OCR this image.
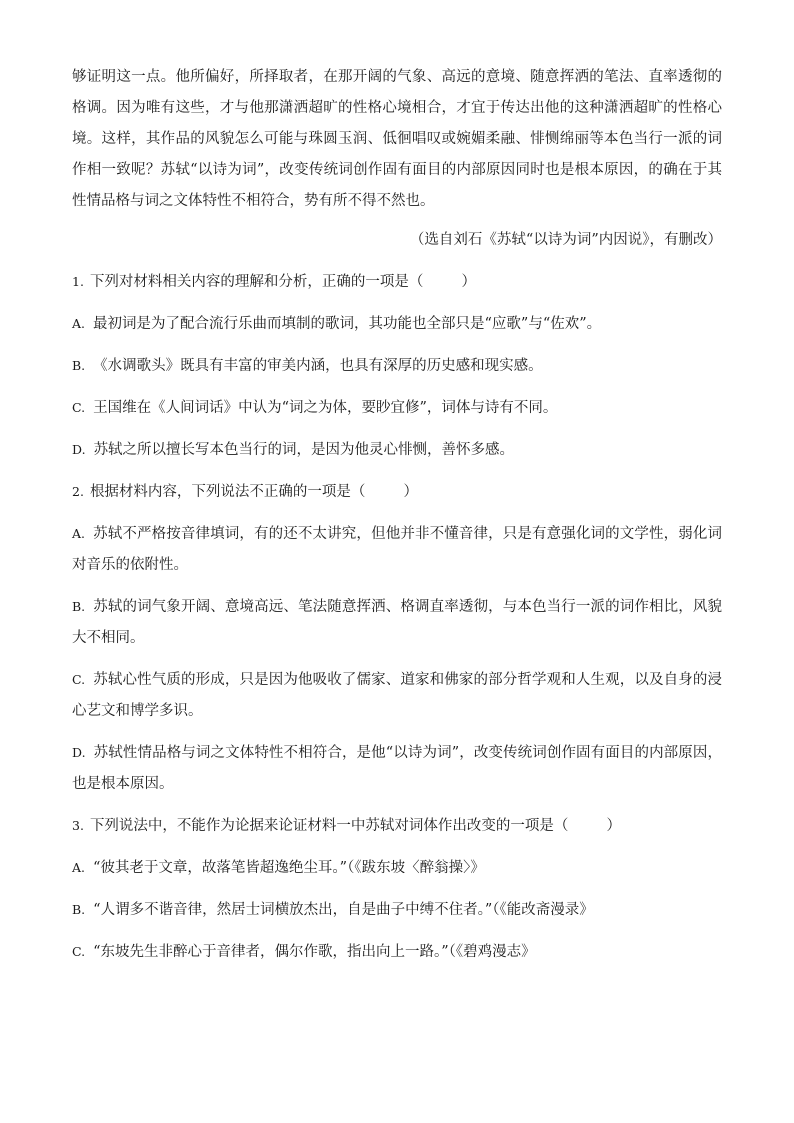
够证明这一点。他所偏好，所择取者，在那开阔的气象、高远的意境、随意挥洒的笔法、直率透彻的格调。因为唯有这些，才与他那潇洒超旷的性格心境相合，才宜于传达出他的这种潇洒超旷的性格心境。这样，其作品的风貌怎么可能与珠圆玉润、低徊唱叹或婉媚柔融、悱恻绵丽等本色当行一派的词作相一致呢？苏轼“以诗为词”，改变传统词创作固有面目的内部原因同时也是根本原因，的确在于其性情品格与词之文体特性不相符合，势有所不得不然也。

（选自刘石《苏轼“以诗为词”内因说》，有删改）

1. 下列对材料相关内容的理解和分析，正确的一项是（	）

A. 最初词是为了配合流行乐曲而填制的歌词，其功能也全部只是“应歌”与“佐欢”。

B. 《水调歌头》既具有丰富的审美内涵，也具有深厚的历史感和现实感。

C. 王国维在《人间词话》中认为“词之为体，要眇宜修”，词体与诗有不同。

D. 苏轼之所以擅长写本色当行的词，是因为他灵心悱恻，善怀多感。

2. 根据材料内容，下列说法不正确的一项是（	）

A. 苏轼不严格按音律填词，有的还不太讲究，但他并非不懂音律，只是有意强化词的文学性，弱化词对音乐的依附性。

B. 苏轼的词气象开阔、意境高远、笔法随意挥洒、格调直率透彻，与本色当行一派的词作相比，风貌大不相同。

C. 苏轼心性气质的形成，只是因为他吸收了儒家、道家和佛家的部分哲学观和人生观，以及自身的浸心艺文和博学多识。

D. 苏轼性情品格与词之文体特性不相符合，是他“以诗为词”，改变传统词创作固有面目的内部原因，也是根本原因。

3. 下列说法中，不能作为论据来论证材料一中苏轼对词体作出改变的一项是（	）

A. “彼其老于文章，故落笔皆超逸绝尘耳。”（《跋东坡〈醉翁操〉》

B. “人谓多不谐音律，然居士词横放杰出，自是曲子中缚不住者。”（《能改斋漫录》

C. “东坡先生非醉心于音律者，偶尔作歌，指出向上一路。”（《碧鸡漫志》
